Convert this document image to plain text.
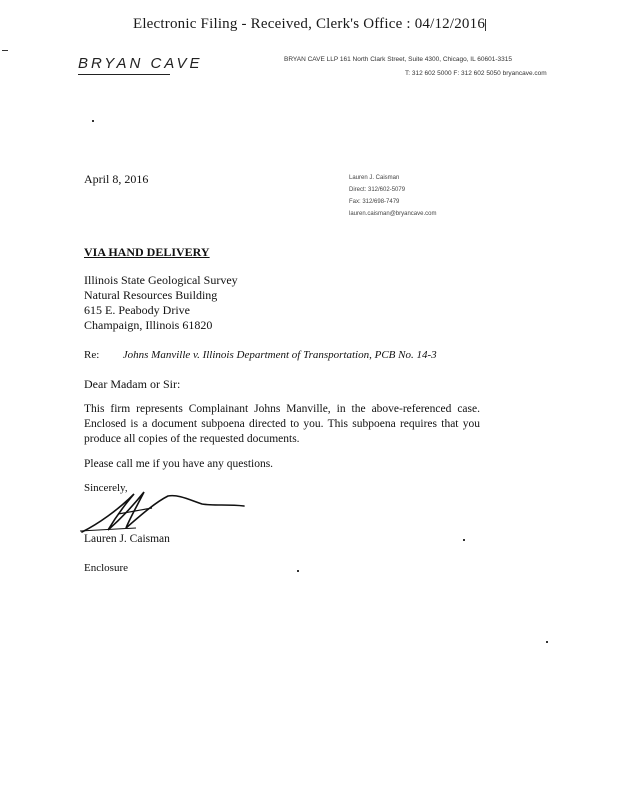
Electronic Filing - Received, Clerk's Office : 04/12/2016
BRYAN CAVE	BRYAN CAVE LLP 161 North Clark Street, Suite 4300, Chicago, IL 60601-3315
T: 312 602 5000 F: 312 602 5050 bryancave.com
April 8, 2016	Lauren J. Caisman
Direct: 312/602-5079
Fax: 312/698-7479
lauren.caisman@bryancave.com
VIA HAND DELIVERY
Illinois State Geological Survey
Natural Resources Building
615 E. Peabody Drive
Champaign, Illinois 61820
Re: Johns Manville v. Illinois Department of Transportation, PCB No. 14-3
Dear Madam or Sir:
This firm represents Complainant Johns Manville, in the above-referenced case. Enclosed is a document subpoena directed to you. This subpoena requires that you produce all copies of the requested documents.
Please call me if you have any questions.
Sincerely,
Lauren J. Caisman
Enclosure
